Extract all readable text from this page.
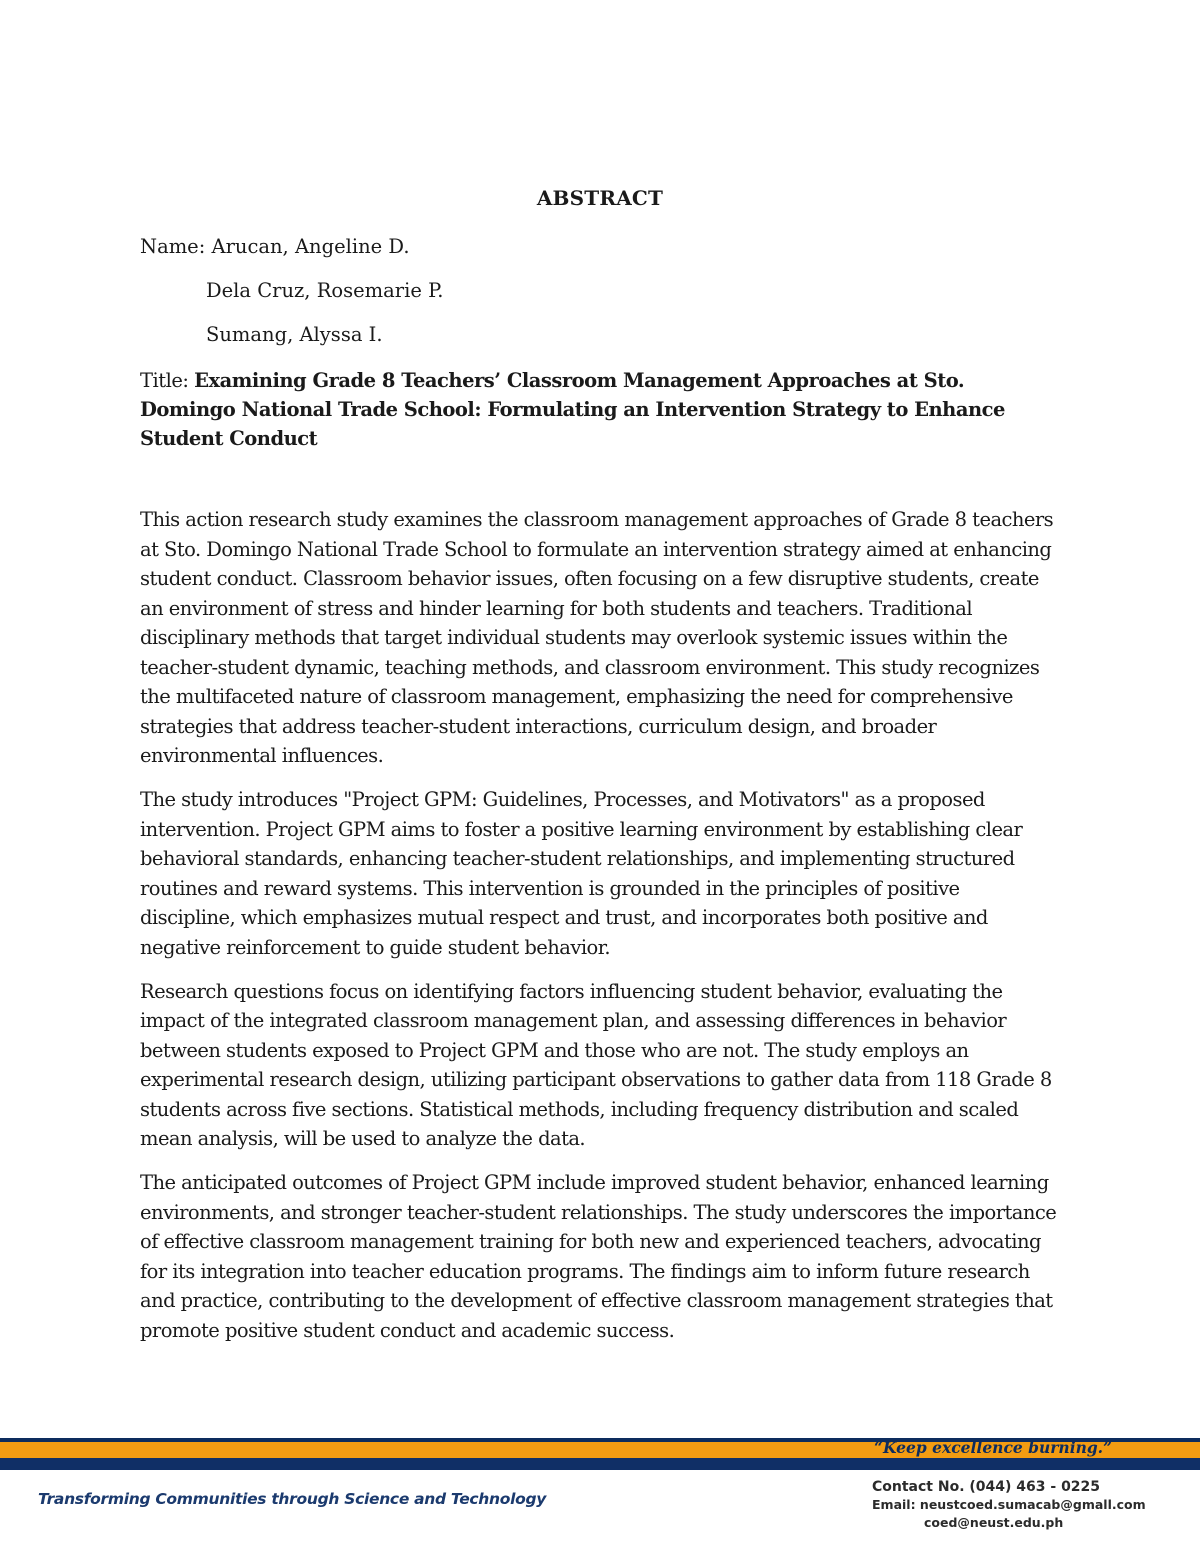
ABSTRACT
Name: Arucan, Angeline D.
Dela Cruz, Rosemarie P.
Sumang, Alyssa I.
Title: Examining Grade 8 Teachers’ Classroom Management Approaches at Sto. Domingo National Trade School: Formulating an Intervention Strategy to Enhance Student Conduct

This action research study examines the classroom management approaches of Grade 8 teachers at Sto. Domingo National Trade School to formulate an intervention strategy aimed at enhancing student conduct. Classroom behavior issues, often focusing on a few disruptive students, create an environment of stress and hinder learning for both students and teachers. Traditional disciplinary methods that target individual students may overlook systemic issues within the teacher-student dynamic, teaching methods, and classroom environment. This study recognizes the multifaceted nature of classroom management, emphasizing the need for comprehensive strategies that address teacher-student interactions, curriculum design, and broader environmental influences.

The study introduces "Project GPM: Guidelines, Processes, and Motivators" as a proposed intervention. Project GPM aims to foster a positive learning environment by establishing clear behavioral standards, enhancing teacher-student relationships, and implementing structured routines and reward systems. This intervention is grounded in the principles of positive discipline, which emphasizes mutual respect and trust, and incorporates both positive and negative reinforcement to guide student behavior.

Research questions focus on identifying factors influencing student behavior, evaluating the impact of the integrated classroom management plan, and assessing differences in behavior between students exposed to Project GPM and those who are not. The study employs an experimental research design, utilizing participant observations to gather data from 118 Grade 8 students across five sections. Statistical methods, including frequency distribution and scaled mean analysis, will be used to analyze the data.

The anticipated outcomes of Project GPM include improved student behavior, enhanced learning environments, and stronger teacher-student relationships. The study underscores the importance of effective classroom management training for both new and experienced teachers, advocating for its integration into teacher education programs. The findings aim to inform future research and practice, contributing to the development of effective classroom management strategies that promote positive student conduct and academic success.

“Keep excellence burning.”
Transforming Communities through Science and Technology
Contact No. (044) 463 - 0225
Email: neustcoed.sumacab@gmall.com
coed@neust.edu.ph
